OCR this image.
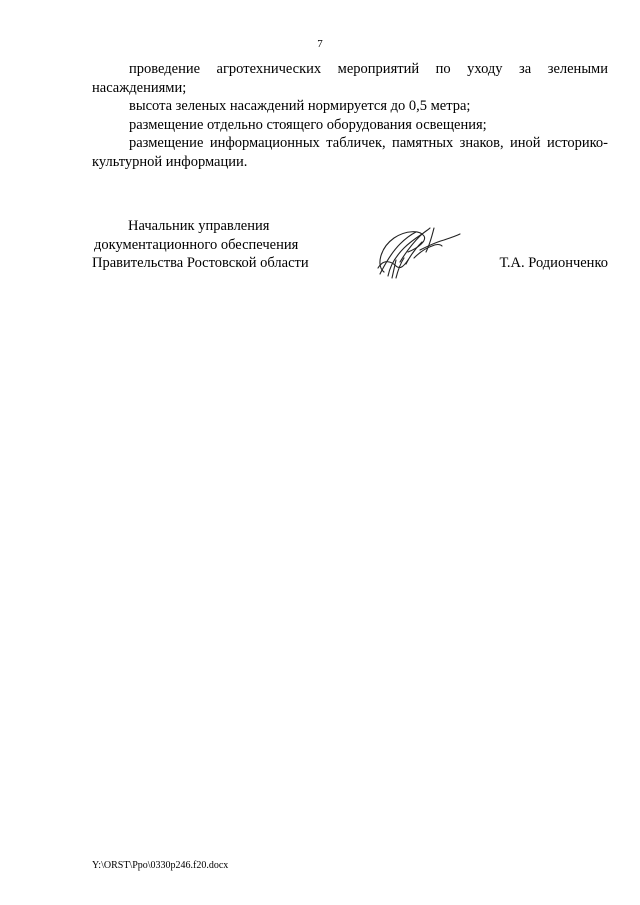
7

проведение агротехнических мероприятий по уходу за зелеными насаждениями;

высота зеленых насаждений нормируется до 0,5 метра;

размещение отдельно стоящего оборудования освещения;

размещение информационных табличек, памятных знаков, иной историко-культурной информации.

Начальник управления
документационного обеспечения
Правительства Ростовской области	Т.А. Родионченко
Y:\ORST\Ppo\0330p246.f20.docx
